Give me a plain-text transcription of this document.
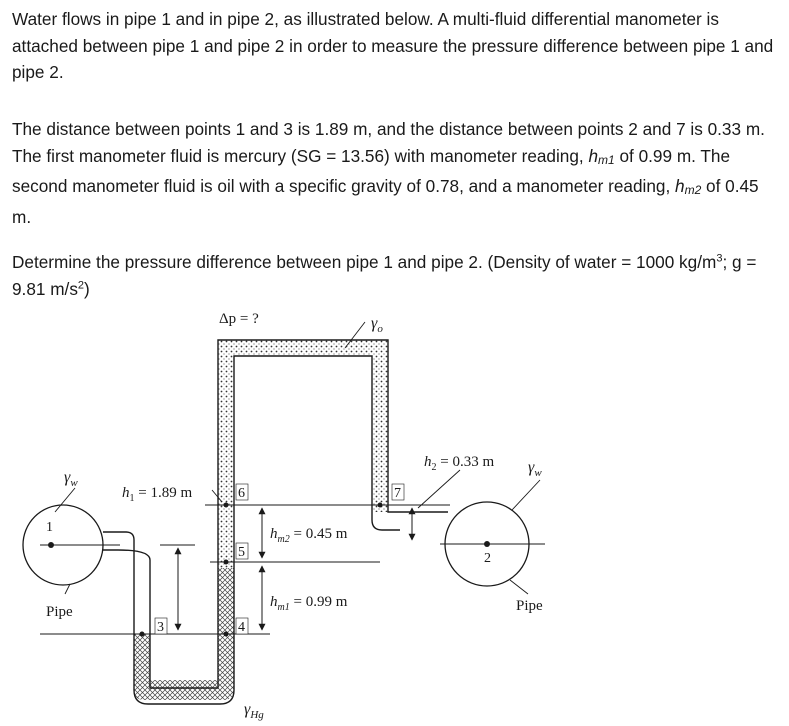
Water flows in pipe 1 and in pipe 2, as illustrated below. A multi-fluid differential manometer is attached between pipe 1 and pipe 2 in order to measure the pressure difference between pipe 1 and pipe 2.

The distance between points 1 and 3 is 1.89 m, and the distance between points 2 and 7 is 0.33 m. The first manometer fluid is mercury (SG = 13.56) with manometer reading, $h_{m1}$ of 0.99 m. The second manometer fluid is oil with a specific gravity of 0.78, and a manometer reading, $h_{m2}$ of 0.45 m.

Determine the pressure difference between pipe 1 and pipe 2. (Density of water = 1000 $kg/m^3$; g = 9.81 $m/s^2$)

1
2
3	4
5
6	7
Δp = ?	$\gamma_o$
$\gamma_w$
$\gamma_w$
$\gamma_{Hg}$
$h_1 = 1.89$ m
$h_2 = 0.33$ m
$h_{m2} = 0.45$ m
$h_{m1} = 0.99$ m
Pipe	Pipe
